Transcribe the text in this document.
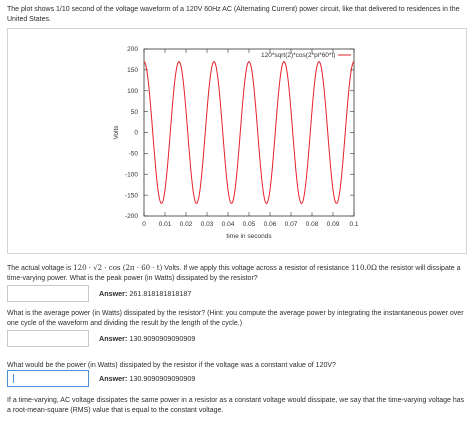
The plot shows 1/10 second of the voltage waveform of a 120V 60Hz AC (Alternating Current) power circuit, like that delivered to residences in the United States.

200
150
100
50
0
-50
-100
-150
-200
0 0.01 0.02 0.03 0.04 0.05 0.06 0.07 0.08 0.09 0.1
120*sqrt(2)*cos(2*pi*60*t)
Volts
time in seconds

The actual voltage is 120 · √2 · cos (2π · 60 · t) Volts. If we apply this voltage across a resistor of resistance 110.0Ω the resistor will dissipate a time-varying power. What is the peak power (in Watts) dissipated by the resistor?

Answer: 261.818181818187

What is the average power (in Watts) dissipated by the resistor? (Hint: you compute the average power by integrating the instantaneous power over one cycle of the waveform and dividing the result by the length of the cycle.)

Answer: 130.9090909090909

What would be the power (in Watts) dissipated by the resistor if the voltage was a constant value of 120V?

Answer: 130.9090909090909

If a time-varying, AC voltage dissipates the same power in a resistor as a constant voltage would dissipate, we say that the time-varying voltage has a root-mean-square (RMS) value that is equal to the constant voltage.
